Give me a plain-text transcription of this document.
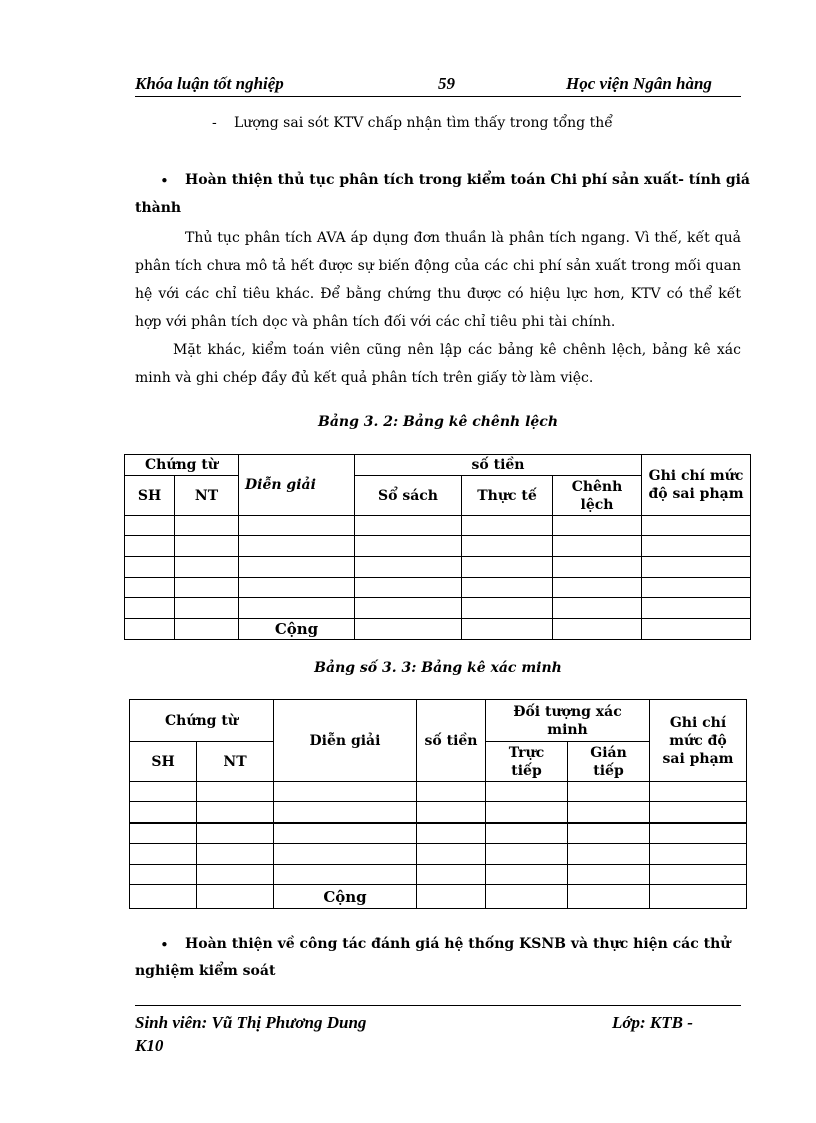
Khóa luận tốt nghiệp	59	Học viện Ngân hàng
- Lượng sai sót KTV chấp nhận tìm thấy trong tổng thể
• Hoàn thiện thủ tục phân tích trong kiểm toán Chi phí sản xuất- tính giá
thành
Thủ tục phân tích AVA áp dụng đơn thuần là phân tích ngang. Vì thế, kết quả phân tích chưa mô tả hết được sự biến động của các chi phí sản xuất trong mối quan hệ với các chỉ tiêu khác. Để bằng chứng thu được có hiệu lực hơn, KTV có thể kết hợp với phân tích dọc và phân tích đối với các chỉ tiêu phi tài chính.
Mặt khác, kiểm toán viên cũng nên lập các bảng kê chênh lệch, bảng kê xác minh và ghi chép đầy đủ kết quả phân tích trên giấy tờ làm việc.
Bảng 3. 2: Bảng kê chênh lệch
Chứng từ		Diễn giải	số tiền			Ghi chí mức độ sai phạm
SH	NT		Sổ sách	Thực tế	Chênh lệch	

		Cộng				
Bảng số 3. 3: Bảng kê xác minh
Chứng từ		Diễn giải	số tiền	Đối tượng xác minh		Ghi chí mức độ sai phạm
SH	NT			Trực tiếp	Gián tiếp	

		Cộng				
• Hoàn thiện về công tác đánh giá hệ thống KSNB và thực hiện các thử
nghiệm kiểm soát
Sinh viên: Vũ Thị Phương Dung	Lớp: KTB -
K10
